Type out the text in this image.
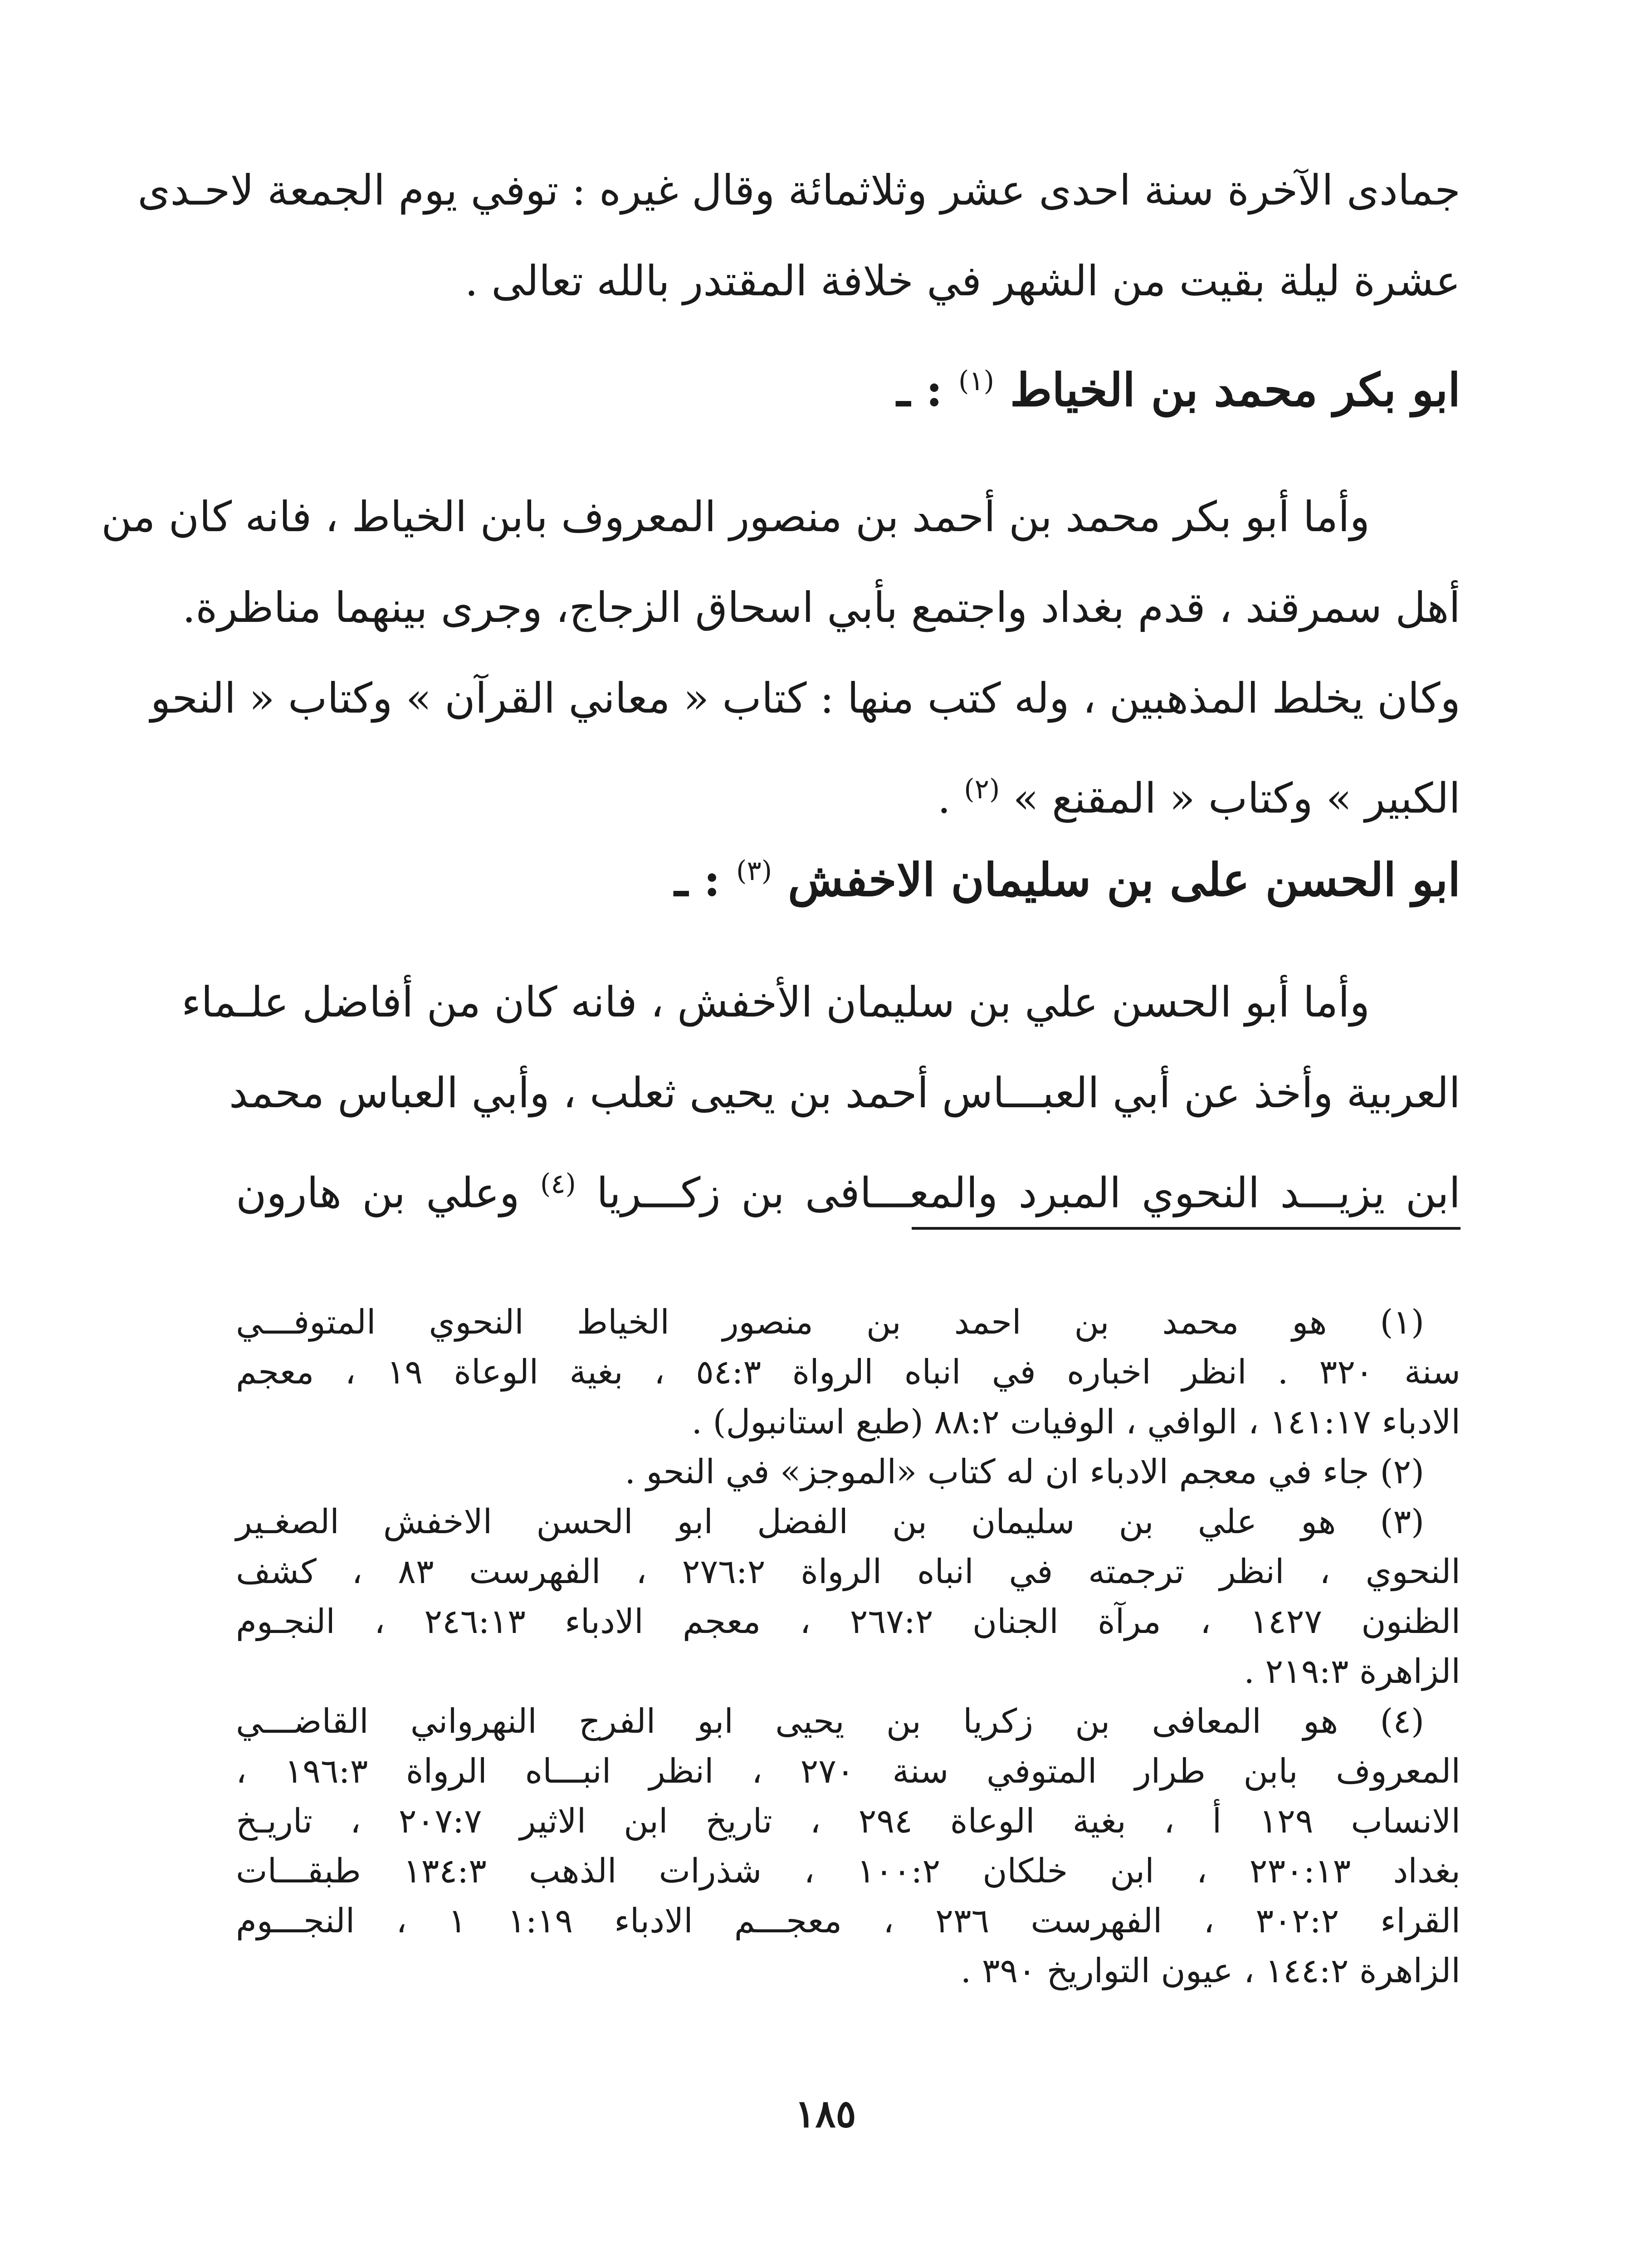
جمادى الآخرة سنة احدى عشر وثلاثمائة وقال غيره : توفي يوم الجمعة لاحـدى
عشرة ليلة بقيت من الشهر في خلافة المقتدر بالله تعالى .
ابو بكر محمد بن الخياط $^{(١)}$ : ـ
وأما أبو بكر محمد بن أحمد بن منصور المعروف بابن الخياط ، فانه كان من
أهل سمرقند ، قدم بغداد واجتمع بأبي اسحاق الزجاج، وجرى بينهما مناظرة.
وكان يخلط المذهبين ، وله كتب منها : كتاب « معاني القرآن » وكتاب « النحو
الكبير » وكتاب « المقنع » $^{(٢)}$ .
ابو الحسن على بن سليمان الاخفش $^{(٣)}$ : ـ
وأما أبو الحسن علي بن سليمان الأخفش ، فانه كان من أفاضل علـماء
العربية وأخذ عن أبي العبـــاس أحمد بن يحيى ثعلب ، وأبي العباس محمد
ابن يزيـــد النحوي المبرد والمعـــافى بن زكـــريا $^{(٤)}$ وعلي بن هارون
(١) هو محمد بن احمد بن منصور الخياط النحوي المتوفـــي
سنة ٣٢٠ . انظر اخباره في انباه الرواة ٥٤:٣ ، بغية الوعاة ١٩ ، معجم
الادباء ١٤١:١٧ ، الوافي ، الوفيات ٨٨:٢ (طبع استانبول) .
(٢) جاء في معجم الادباء ان له كتاب «الموجز» في النحو .
(٣) هو علي بن سليمان بن الفضل ابو الحسن الاخفش الصغـير
النحوي ، انظر ترجمته في انباه الرواة ٢٧٦:٢ ، الفهرست ٨٣ ، كشف
الظنون ١٤٢٧ ، مرآة الجنان ٢٦٧:٢ ، معجم الادباء ٢٤٦:١٣ ، النجـوم
الزاهرة ٢١٩:٣ .
(٤) هو المعافى بن زكريا بن يحيى ابو الفرج النهرواني القاضـــي
المعروف بابن طرار المتوفي سنة ٢٧٠ ، انظر انبـــاه الرواة ١٩٦:٣ ،
الانساب ١٢٩ أ ، بغية الوعاة ٢٩٤ ، تاريخ ابن الاثير ٢٠٧:٧ ، تاريـخ
بغداد ٢٣٠:١٣ ، ابن خلكان ١٠٠:٢ ، شذرات الذهب ١٣٤:٣ طبقـــات
القراء ٣٠٢:٢ ، الفهرست ٢٣٦ ، معجـــم الادباء ١:١٩ ١ ، النجـــوم
الزاهرة ١٤٤:٢ ، عيون التواريخ ٣٩٠ .
١٨٥
